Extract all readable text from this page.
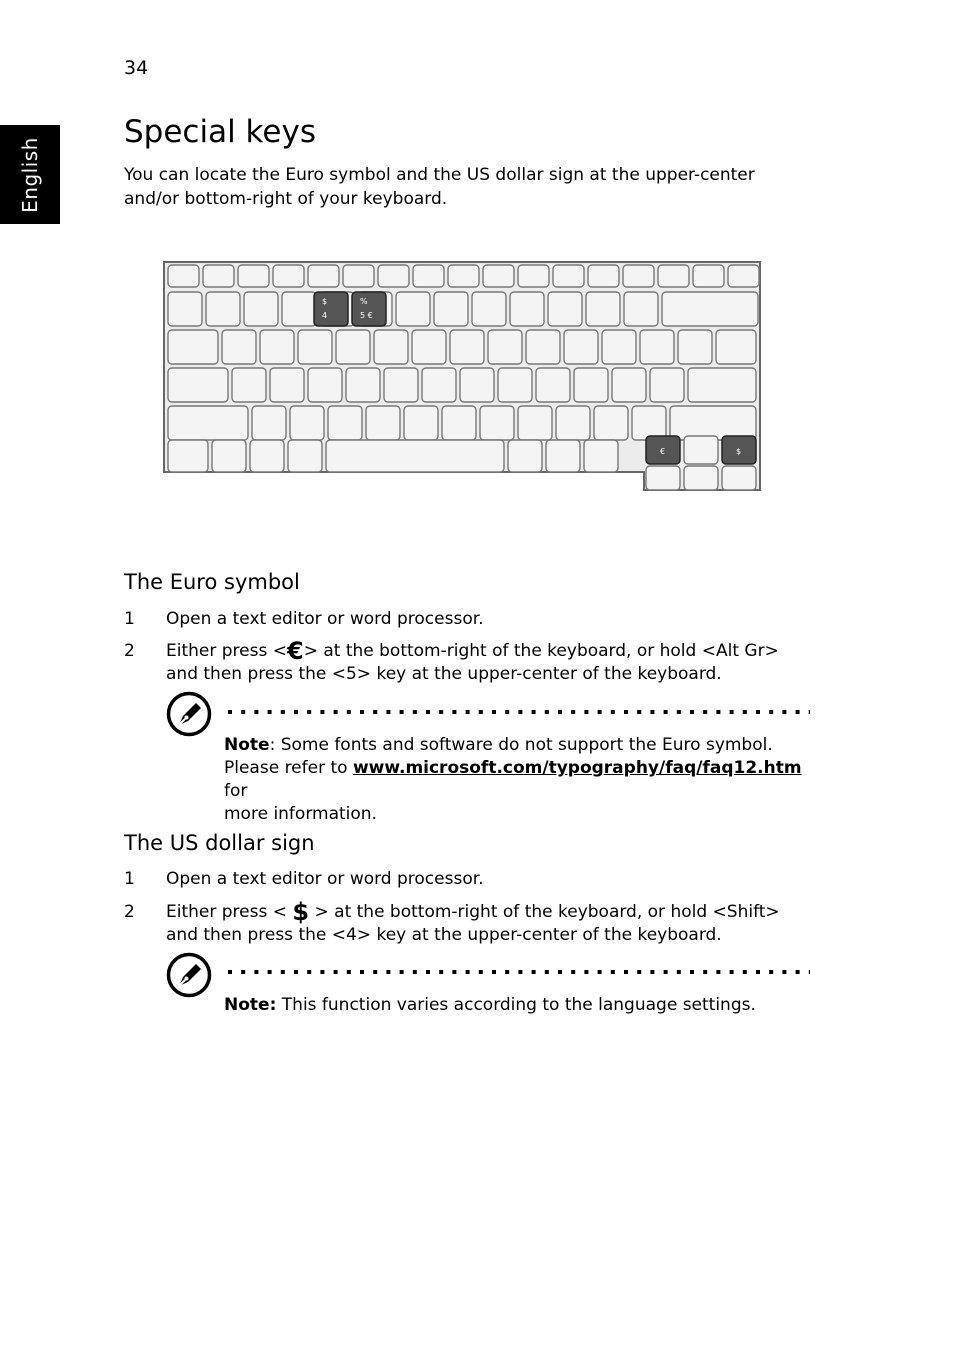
34
English
Special keys

You can locate the Euro symbol and the US dollar sign at the upper-center and/or bottom-right of your keyboard.

$
4
%
5 €
€	$
The Euro symbol
1 Open a text editor or word processor.
2 Either press <€> at the bottom-right of the keyboard, or hold <Alt Gr>
and then press the <5> key at the upper-center of the keyboard.
Note: Some fonts and software do not support the Euro symbol.
Please refer to www.microsoft.com/typography/faq/faq12.htm for
more information.
The US dollar sign
1 Open a text editor or word processor.
2 Either press < $ > at the bottom-right of the keyboard, or hold <Shift>
and then press the <4> key at the upper-center of the keyboard.
Note: This function varies according to the language settings.
